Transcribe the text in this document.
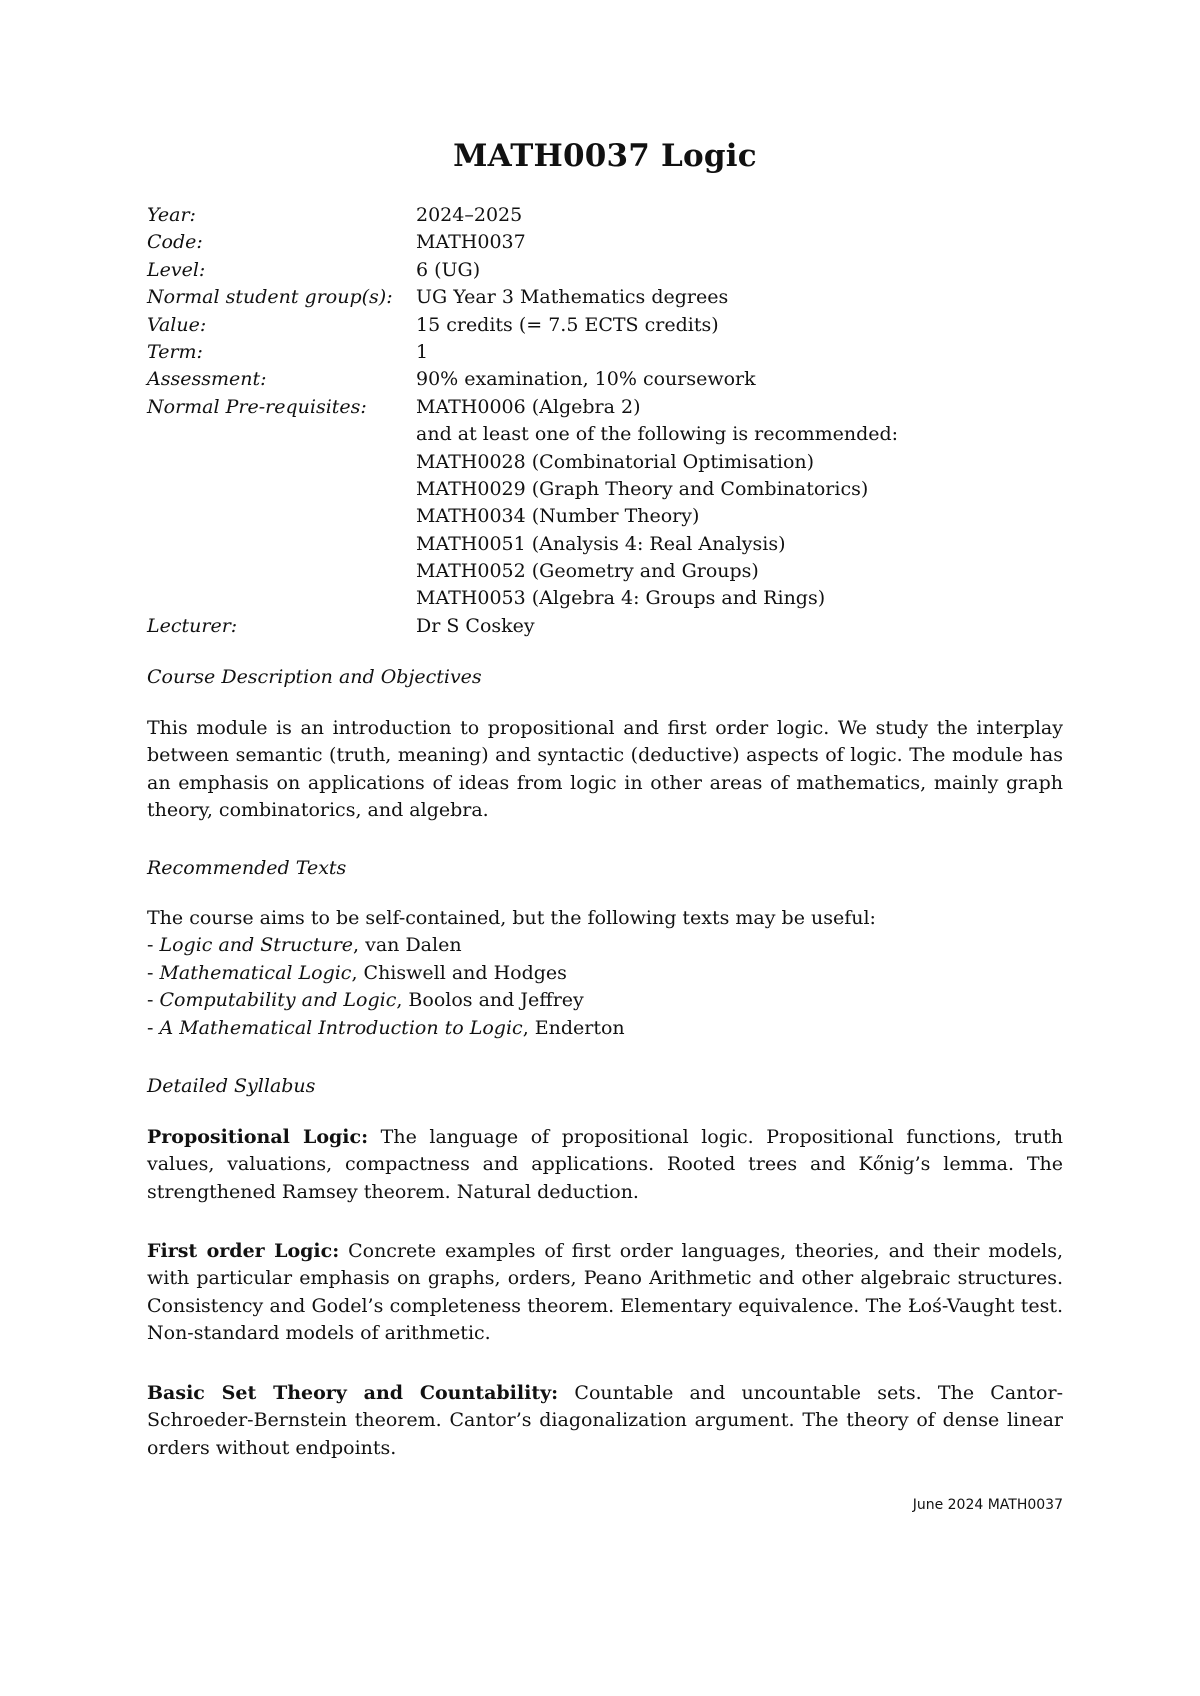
MATH0037 Logic
Year:	2024–2025
Code:	MATH0037
Level:	6 (UG)
Normal student group(s):	UG Year 3 Mathematics degrees
Value:	15 credits (= 7.5 ECTS credits)
Term:	1
Assessment:	90% examination, 10% coursework
Normal Pre-requisites:	MATH0006 (Algebra 2)
and at least one of the following is recommended:
MATH0028 (Combinatorial Optimisation)
MATH0029 (Graph Theory and Combinatorics)
MATH0034 (Number Theory)
MATH0051 (Analysis 4: Real Analysis)
MATH0052 (Geometry and Groups)
MATH0053 (Algebra 4: Groups and Rings)
Lecturer:	Dr S Coskey
Course Description and Objectives
This module is an introduction to propositional and first order logic. We study the interplay between semantic (truth, meaning) and syntactic (deductive) aspects of logic. The module has an emphasis on applications of ideas from logic in other areas of mathematics, mainly graph theory, combinatorics, and algebra.
Recommended Texts
The course aims to be self-contained, but the following texts may be useful:
- Logic and Structure, van Dalen
- Mathematical Logic, Chiswell and Hodges
- Computability and Logic, Boolos and Jeffrey
- A Mathematical Introduction to Logic, Enderton
Detailed Syllabus
Propositional Logic: The language of propositional logic. Propositional functions, truth values, valuations, compactness and applications. Rooted trees and Kőnig’s lemma. The strengthened Ramsey theorem. Natural deduction.
First order Logic: Concrete examples of first order languages, theories, and their models, with particular emphasis on graphs, orders, Peano Arithmetic and other algebraic structures. Consistency and Godel’s completeness theorem. Elementary equivalence. The Łoś-Vaught test. Non-standard models of arithmetic.
Basic Set Theory and Countability: Countable and uncountable sets. The Cantor-Schroeder-Bernstein theorem. Cantor’s diagonalization argument. The theory of dense linear orders without endpoints.
June 2024 MATH0037
